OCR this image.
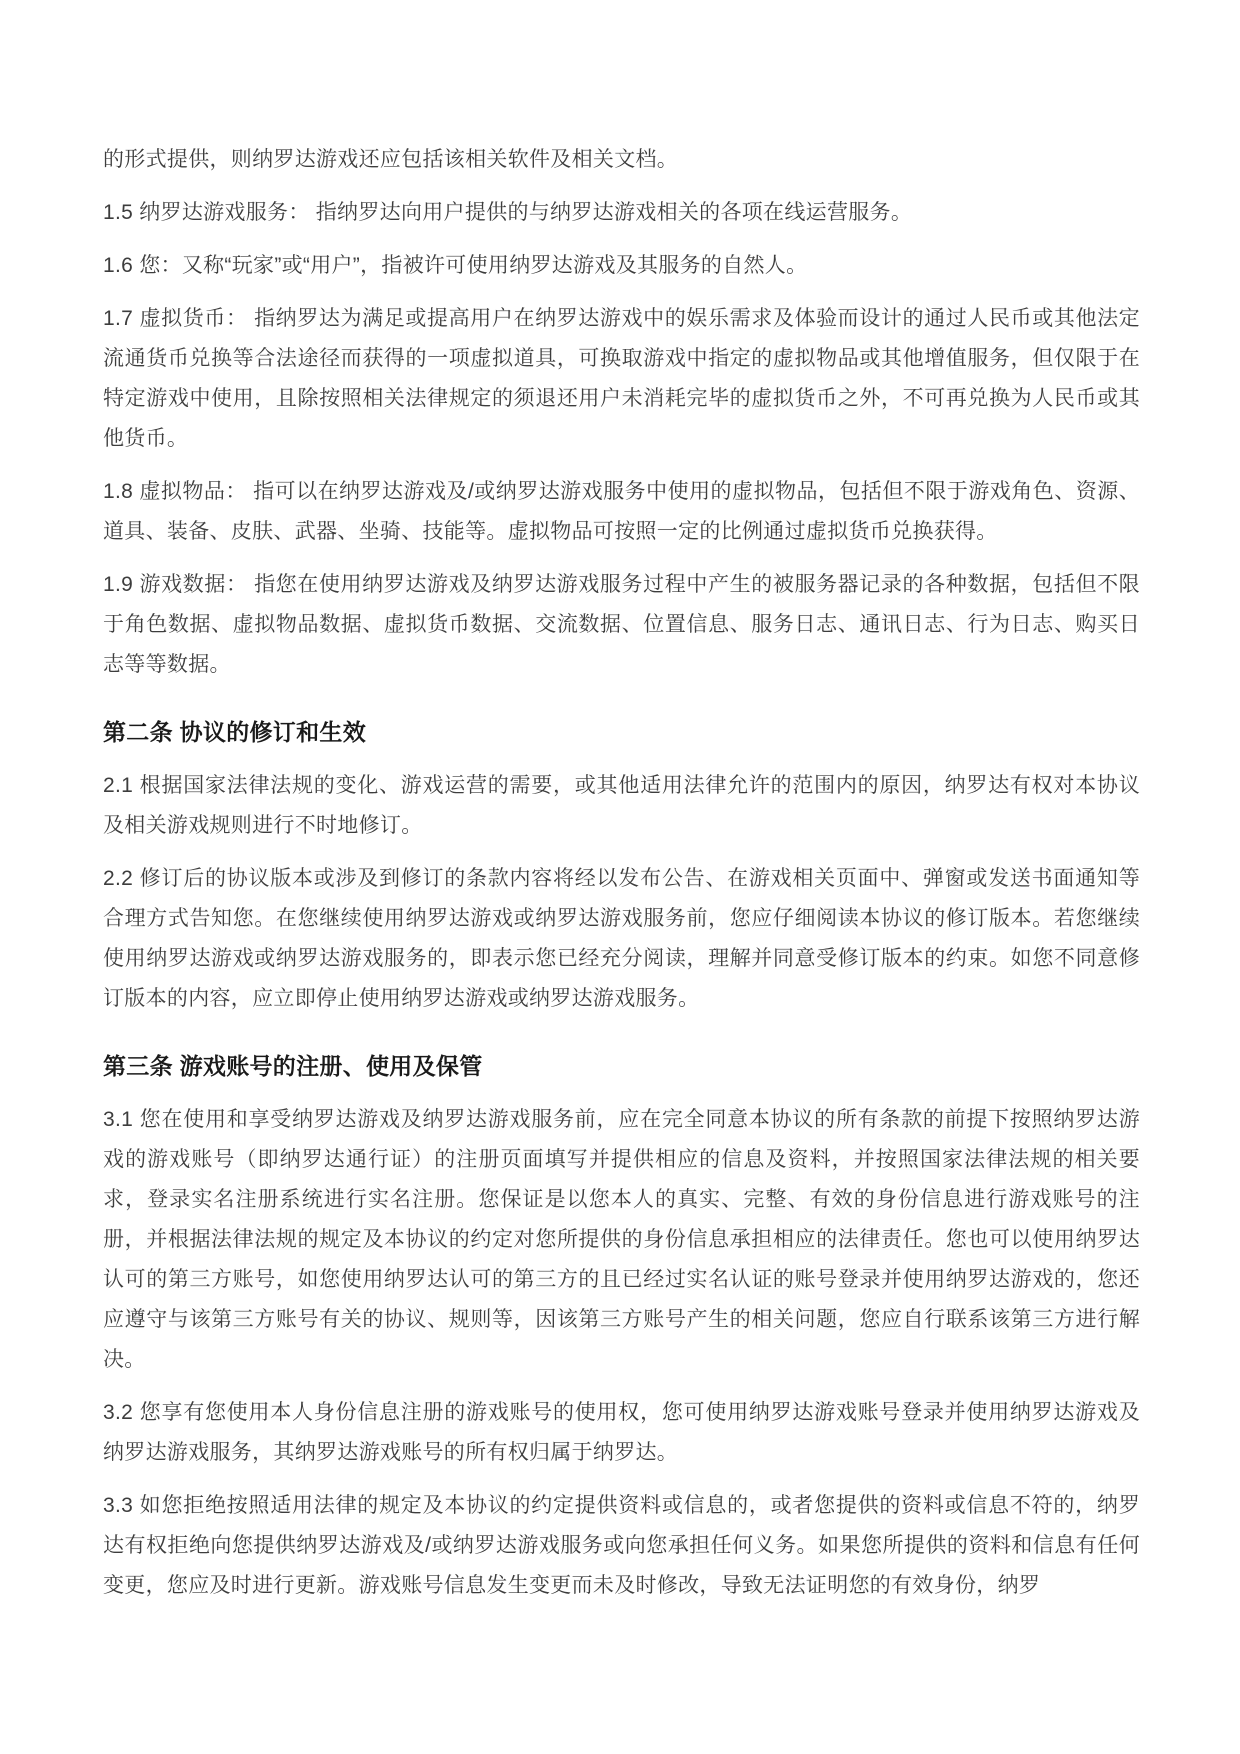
的形式提供，则纳罗达游戏还应包括该相关软件及相关文档。

1.5 纳罗达游戏服务： 指纳罗达向用户提供的与纳罗达游戏相关的各项在线运营服务。

1.6 您：又称“玩家”或“用户”，指被许可使用纳罗达游戏及其服务的自然人。

1.7 虚拟货币： 指纳罗达为满足或提高用户在纳罗达游戏中的娱乐需求及体验而设计的通过人民币或其他法定流通货币兑换等合法途径而获得的一项虚拟道具，可换取游戏中指定的虚拟物品或其他增值服务，但仅限于在特定游戏中使用，且除按照相关法律规定的须退还用户未消耗完毕的虚拟货币之外，不可再兑换为人民币或其他货币。

1.8 虚拟物品： 指可以在纳罗达游戏及/或纳罗达游戏服务中使用的虚拟物品，包括但不限于游戏角色、资源、道具、装备、皮肤、武器、坐骑、技能等。虚拟物品可按照一定的比例通过虚拟货币兑换获得。

1.9 游戏数据： 指您在使用纳罗达游戏及纳罗达游戏服务过程中产生的被服务器记录的各种数据，包括但不限于角色数据、虚拟物品数据、虚拟货币数据、交流数据、位置信息、服务日志、通讯日志、行为日志、购买日志等等数据。

第二条 协议的修订和生效

2.1 根据国家法律法规的变化、游戏运营的需要，或其他适用法律允许的范围内的原因，纳罗达有权对本协议及相关游戏规则进行不时地修订。

2.2 修订后的协议版本或涉及到修订的条款内容将经以发布公告、在游戏相关页面中、弹窗或发送书面通知等合理方式告知您。在您继续使用纳罗达游戏或纳罗达游戏服务前，您应仔细阅读本协议的修订版本。若您继续使用纳罗达游戏或纳罗达游戏服务的，即表示您已经充分阅读，理解并同意受修订版本的约束。如您不同意修订版本的内容，应立即停止使用纳罗达游戏或纳罗达游戏服务。

第三条 游戏账号的注册、使用及保管

3.1 您在使用和享受纳罗达游戏及纳罗达游戏服务前，应在完全同意本协议的所有条款的前提下按照纳罗达游戏的游戏账号（即纳罗达通行证）的注册页面填写并提供相应的信息及资料，并按照国家法律法规的相关要求，登录实名注册系统进行实名注册。您保证是以您本人的真实、完整、有效的身份信息进行游戏账号的注册，并根据法律法规的规定及本协议的约定对您所提供的身份信息承担相应的法律责任。您也可以使用纳罗达认可的第三方账号，如您使用纳罗达认可的第三方的且已经过实名认证的账号登录并使用纳罗达游戏的，您还应遵守与该第三方账号有关的协议、规则等，因该第三方账号产生的相关问题，您应自行联系该第三方进行解决。

3.2 您享有您使用本人身份信息注册的游戏账号的使用权，您可使用纳罗达游戏账号登录并使用纳罗达游戏及纳罗达游戏服务，其纳罗达游戏账号的所有权归属于纳罗达。

3.3 如您拒绝按照适用法律的规定及本协议的约定提供资料或信息的，或者您提供的资料或信息不符的，纳罗达有权拒绝向您提供纳罗达游戏及/或纳罗达游戏服务或向您承担任何义务。如果您所提供的资料和信息有任何变更，您应及时进行更新。游戏账号信息发生变更而未及时修改，导致无法证明您的有效身份，纳罗
